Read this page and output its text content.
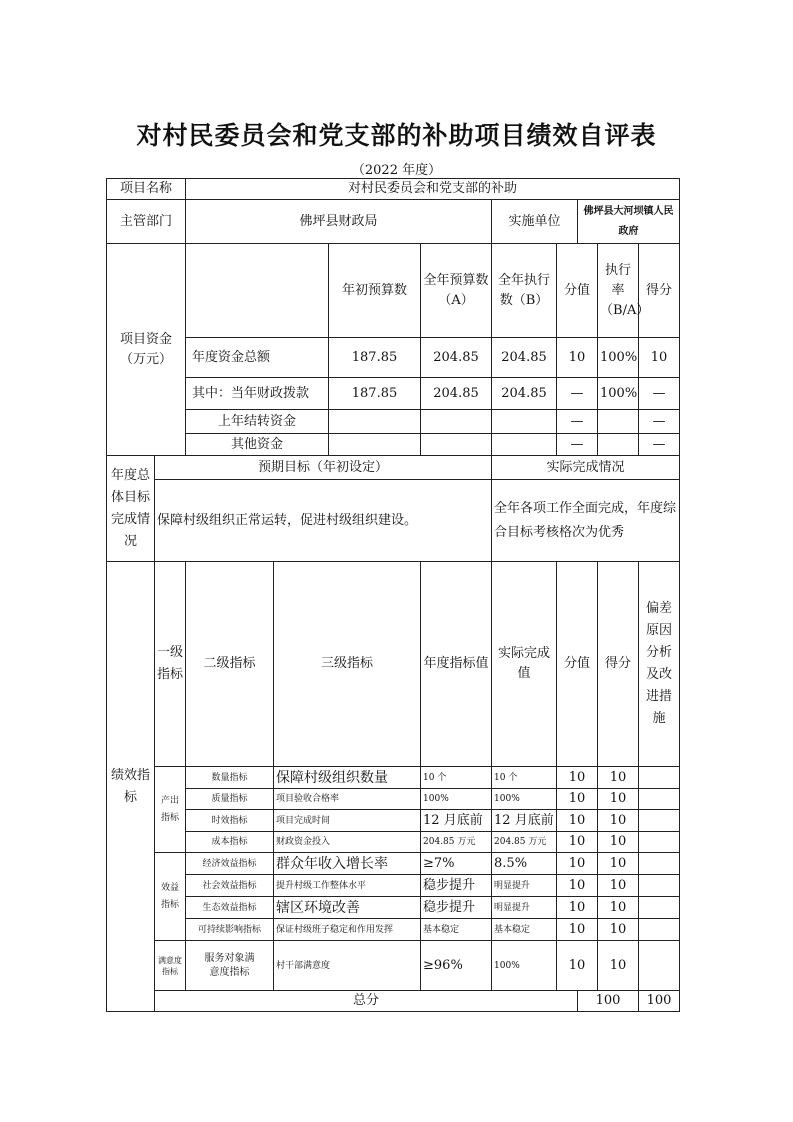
对村民委员会和党支部的补助项目绩效自评表
（2022 年度）
项目名称		对村民委员会和党支部的补助									
主管部门		佛坪县财政局				实施单位		佛坪县大河坝镇人民政府			
项目资金（万元）				年初预算数	全年预算数（A）	全年执行数（B）	分值		执行率（B/A）	得分	
		年度资金总额		187.85	204.85	204.85	10		100%	10	
		其中：当年财政拨款		187.85	204.85	204.85	—		100%	—	
		上年结转资金					—			—	
		其他资金					—			—	
年度总体目标完成情况	预期目标（年初设定）					实际完成情况					
	保障村级组织正常运转，促进村级组织建设。					全年各项工作全面完成，年度综合目标考核格次为优秀					
绩效指标	一级指标	二级指标	三级指标		年度指标值	实际完成值	分值		得分	偏差原因分析及改进措施	
	产出指标	数量指标	保障村级组织数量		10 个	10 个	10		10		
		质量指标	项目验收合格率		100%	100%	10		10		
		时效指标	项目完成时间		12 月底前	12 月底前	10		10		
		成本指标	财政资金投入		204.85 万元	204.85 万元	10		10		
	效益指标	经济效益指标	群众年收入增长率		≥7%	8.5%	10		10		
		社会效益指标	提升村级工作整体水平		稳步提升	明显提升	10		10		
		生态效益指标	辖区环境改善		稳步提升	明显提升	10		10		
		可持续影响指标	保证村级班子稳定和作用发挥		基本稳定	基本稳定	10		10		
	满意度指标	服务对象满意度指标	村干部满意度		≥96%	100%	10		10		
	总分							100		100	
